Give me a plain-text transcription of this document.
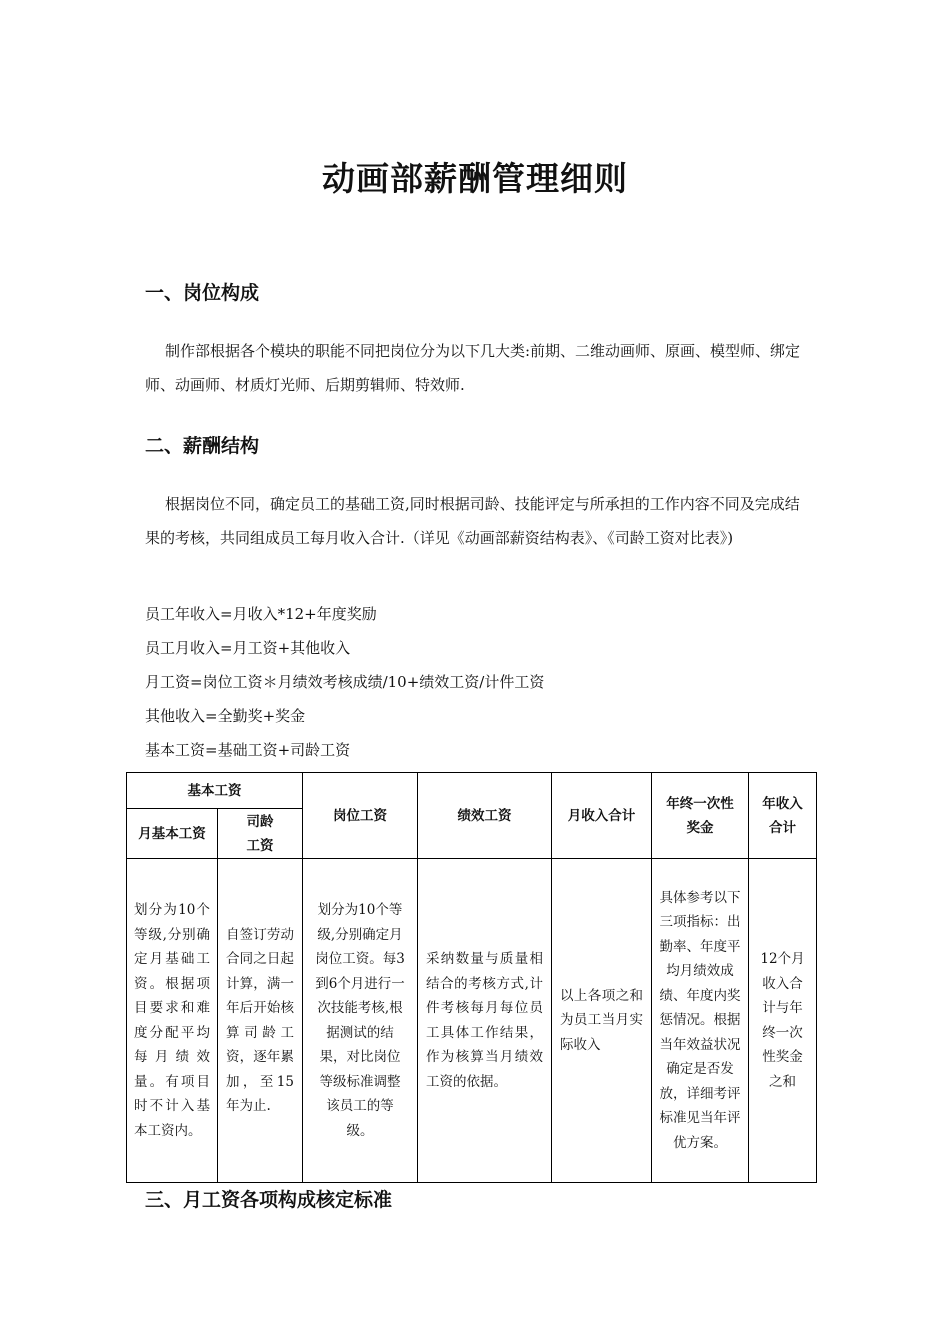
动画部薪酬管理细则
一、岗位构成
制作部根据各个模块的职能不同把岗位分为以下几大类:前期、二维动画师、原画、模型师、绑定师、动画师、材质灯光师、后期剪辑师、特效师.
二、薪酬结构
根据岗位不同，确定员工的基础工资,同时根据司龄、技能评定与所承担的工作内容不同及完成结果的考核，共同组成员工每月收入合计.（详见《动画部薪资结构表》、《司龄工资对比表》)
员工年收入=月收入*12+年度奖励
员工月收入=月工资+其他收入
月工资=岗位工资＊月绩效考核成绩/10+绩效工资/计件工资
其他收入=全勤奖+奖金
基本工资=基础工资+司龄工资
基本工资		岗位工资	绩效工资	月收入合计	年终一次性奖金	年收入合计
月基本工资	司龄工资					
划分为10个等级,分别确定月基础工资。根据项目要求和难度分配平均每月绩效量。有项目时不计入基本工资内。	自签订劳动合同之日起计算，满一年后开始核算司龄工资，逐年累加，至15年为止.	划分为10个等级,分别确定月岗位工资。每3到6个月进行一次技能考核,根据测试的结果，对比岗位等级标准调整该员工的等级。	采纳数量与质量相结合的考核方式,计件考核每月每位员工具体工作结果，作为核算当月绩效工资的依据。	以上各项之和为员工当月实际收入	具体参考以下三项指标：出勤率、年度平均月绩效成绩、年度内奖惩情况。根据当年效益状况确定是否发放，详细考评标准见当年评优方案。	12个月收入合计与年终一次性奖金之和
三、月工资各项构成核定标准
